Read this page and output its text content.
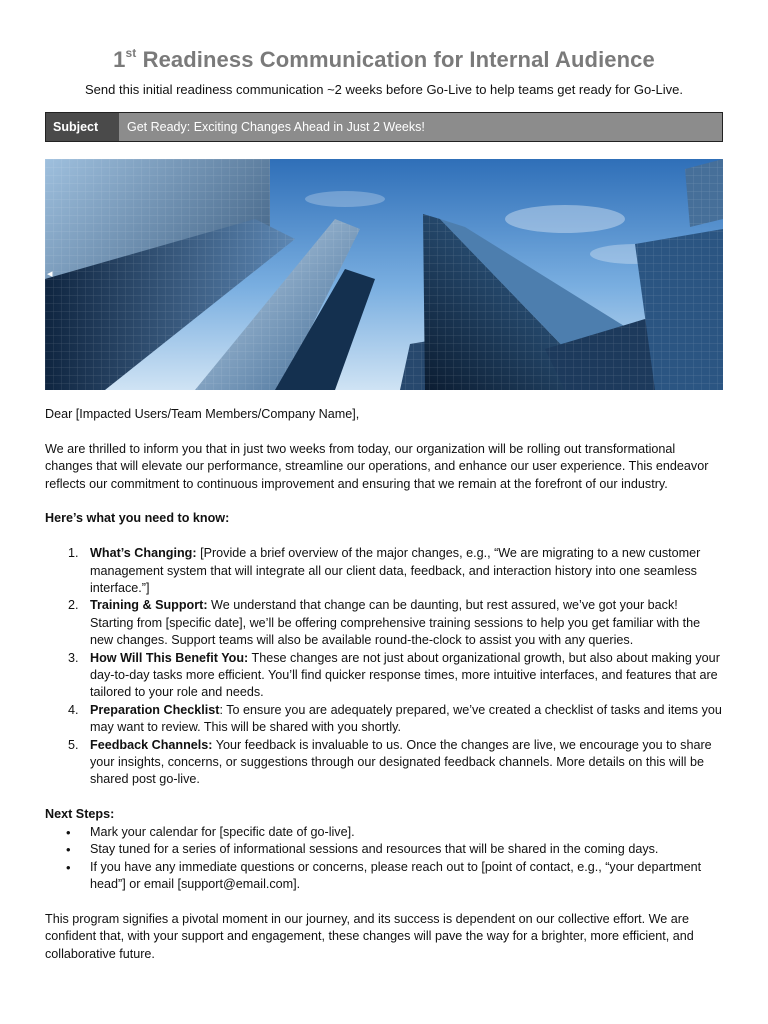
1st Readiness Communication for Internal Audience
Send this initial readiness communication ~2 weeks before Go-Live to help teams get ready for Go-Live.
Subject	Get Ready: Exciting Changes Ahead in Just 2 Weeks!
◂

Dear [Impacted Users/Team Members/Company Name],

We are thrilled to inform you that in just two weeks from today, our organization will be rolling out transformational changes that will elevate our performance, streamline our operations, and enhance our user experience. This endeavor reflects our commitment to continuous improvement and ensuring that we remain at the forefront of our industry.

Here’s what you need to know:

1. What’s Changing: [Provide a brief overview of the major changes, e.g., “We are migrating to a new customer management system that will integrate all our client data, feedback, and interaction history into one seamless interface.”]
2. Training & Support: We understand that change can be daunting, but rest assured, we’ve got your back! Starting from [specific date], we’ll be offering comprehensive training sessions to help you get familiar with the new changes. Support teams will also be available round-the-clock to assist you with any queries.
3. How Will This Benefit You: These changes are not just about organizational growth, but also about making your day-to-day tasks more efficient. You’ll find quicker response times, more intuitive interfaces, and features that are tailored to your role and needs.
4. Preparation Checklist: To ensure you are adequately prepared, we’ve created a checklist of tasks and items you may want to review. This will be shared with you shortly.
5. Feedback Channels: Your feedback is invaluable to us. Once the changes are live, we encourage you to share your insights, concerns, or suggestions through our designated feedback channels. More details on this will be shared post go-live.

Next Steps:

• Mark your calendar for [specific date of go-live].
• Stay tuned for a series of informational sessions and resources that will be shared in the coming days.
• If you have any immediate questions or concerns, please reach out to [point of contact, e.g., “your department head”] or email [support@email.com].

This program signifies a pivotal moment in our journey, and its success is dependent on our collective effort. We are confident that, with your support and engagement, these changes will pave the way for a brighter, more efficient, and collaborative future.
